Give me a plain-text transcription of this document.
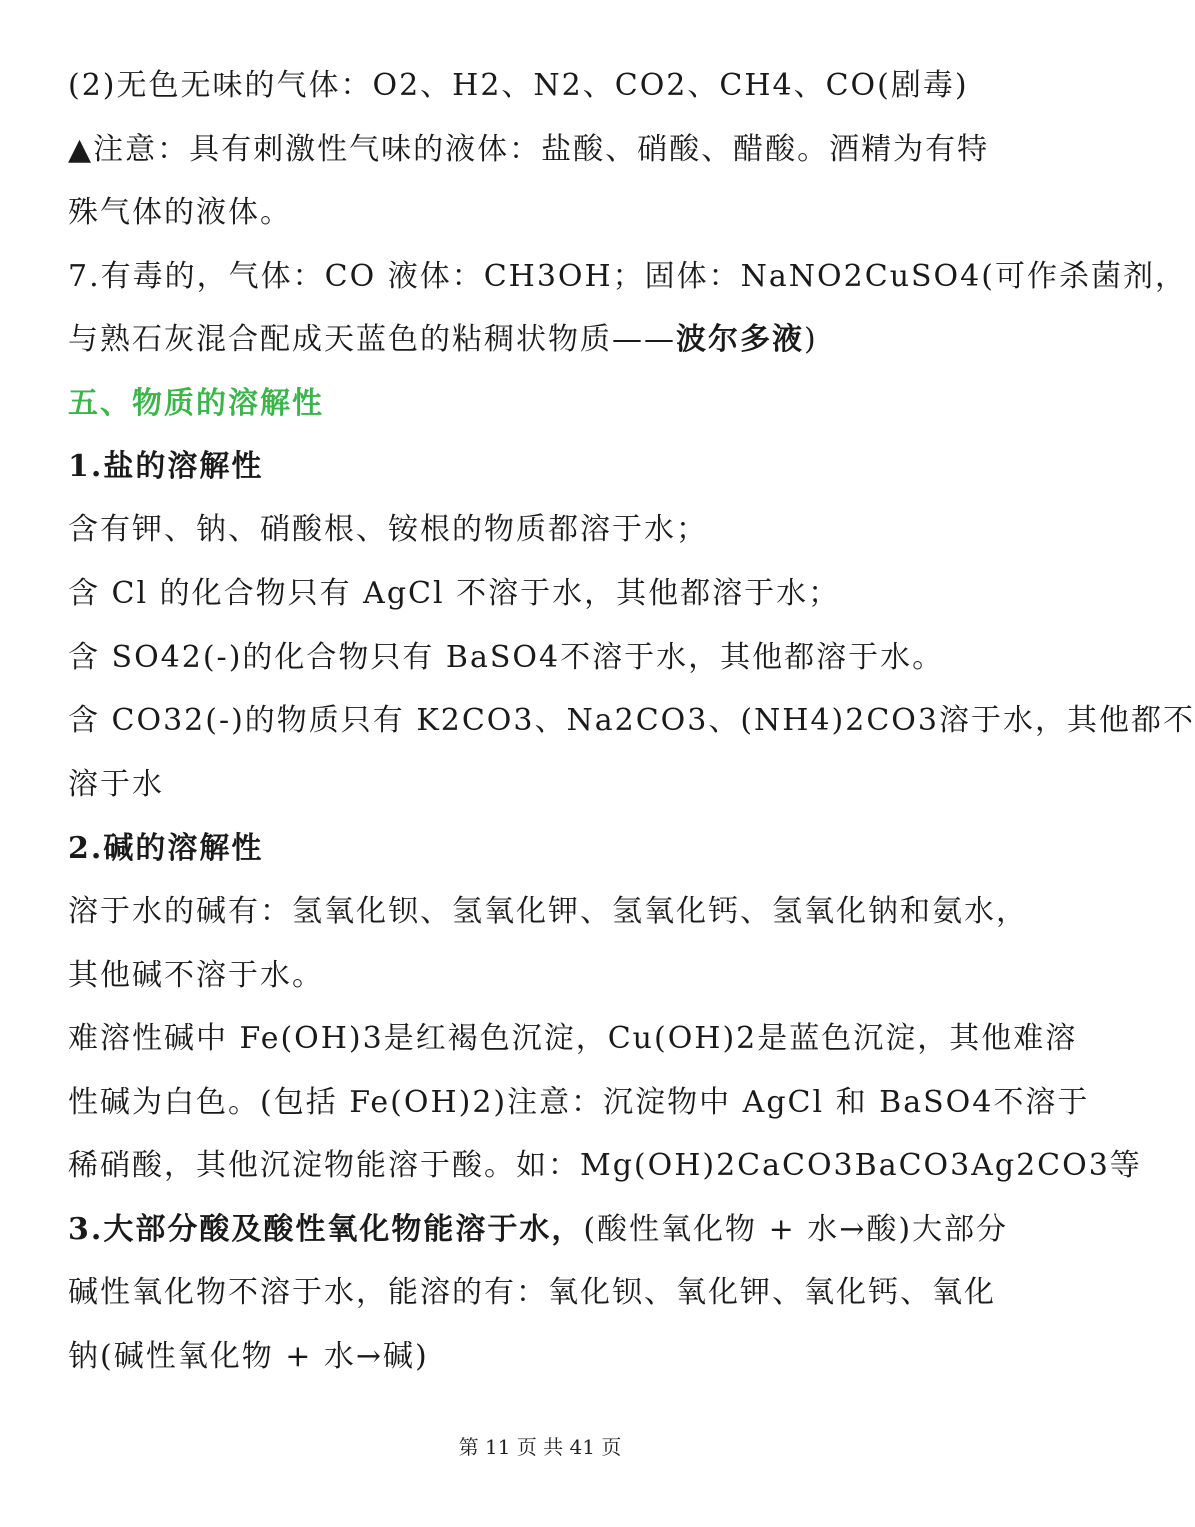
(2)无色无味的气体：O2、H2、N2、CO2、CH4、CO(剧毒)
▲注意：具有刺激性气味的液体：盐酸、硝酸、醋酸。酒精为有特
殊气体的液体。
7.有毒的，气体：CO 液体：CH3OH；固体：NaNO2CuSO4(可作杀菌剂，
与熟石灰混合配成天蓝色的粘稠状物质——波尔多液)
五、物质的溶解性
1.盐的溶解性
含有钾、钠、硝酸根、铵根的物质都溶于水；
含 Cl 的化合物只有 AgCl 不溶于水，其他都溶于水；
含 SO42(-)的化合物只有 BaSO4不溶于水，其他都溶于水。
含 CO32(-)的物质只有 K2CO3、Na2CO3、(NH4)2CO3溶于水，其他都不
溶于水
2.碱的溶解性
溶于水的碱有：氢氧化钡、氢氧化钾、氢氧化钙、氢氧化钠和氨水，
其他碱不溶于水。
难溶性碱中 Fe(OH)3是红褐色沉淀，Cu(OH)2是蓝色沉淀，其他难溶
性碱为白色。(包括 Fe(OH)2)注意：沉淀物中 AgCl 和 BaSO4不溶于
稀硝酸，其他沉淀物能溶于酸。如：Mg(OH)2CaCO3BaCO3Ag2CO3等
3.大部分酸及酸性氧化物能溶于水，(酸性氧化物 + 水→酸)大部分
碱性氧化物不溶于水，能溶的有：氧化钡、氧化钾、氧化钙、氧化
钠(碱性氧化物 + 水→碱)
第 11 页 共 41 页
